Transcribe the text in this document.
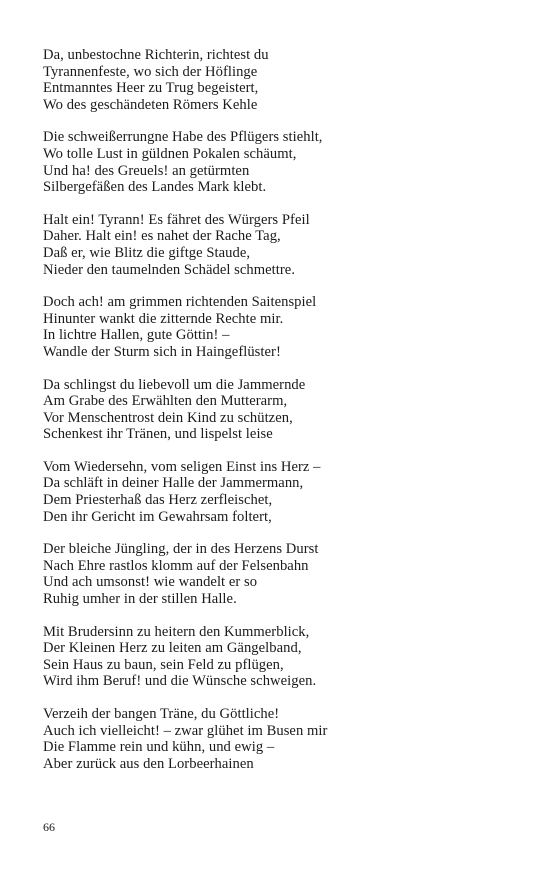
Da, unbestochne Richterin, richtest du
Tyrannenfeste, wo sich der Höflinge
Entmanntes Heer zu Trug begeistert,
Wo des geschändeten Römers Kehle
Die schweißerrungne Habe des Pflügers stiehlt,
Wo tolle Lust in güldnen Pokalen schäumt,
Und ha! des Greuels! an getürmten
Silbergefäßen des Landes Mark klebt.
Halt ein! Tyrann! Es fähret des Würgers Pfeil
Daher. Halt ein! es nahet der Rache Tag,
Daß er, wie Blitz die giftge Staude,
Nieder den taumelnden Schädel schmettre.
Doch ach! am grimmen richtenden Saitenspiel
Hinunter wankt die zitternde Rechte mir.
In lichtre Hallen, gute Göttin! –
Wandle der Sturm sich in Haingeflüster!
Da schlingst du liebevoll um die Jammernde
Am Grabe des Erwählten den Mutterarm,
Vor Menschentrost dein Kind zu schützen,
Schenkest ihr Tränen, und lispelst leise
Vom Wiedersehn, vom seligen Einst ins Herz –
Da schläft in deiner Halle der Jammermann,
Dem Priesterhaß das Herz zerfleischet,
Den ihr Gericht im Gewahrsam foltert,
Der bleiche Jüngling, der in des Herzens Durst
Nach Ehre rastlos klomm auf der Felsenbahn
Und ach umsonst! wie wandelt er so
Ruhig umher in der stillen Halle.
Mit Brudersinn zu heitern den Kummerblick,
Der Kleinen Herz zu leiten am Gängelband,
Sein Haus zu baun, sein Feld zu pflügen,
Wird ihm Beruf! und die Wünsche schweigen.
Verzeih der bangen Träne, du Göttliche!
Auch ich vielleicht! – zwar glühet im Busen mir
Die Flamme rein und kühn, und ewig –
Aber zurück aus den Lorbeerhainen
66
